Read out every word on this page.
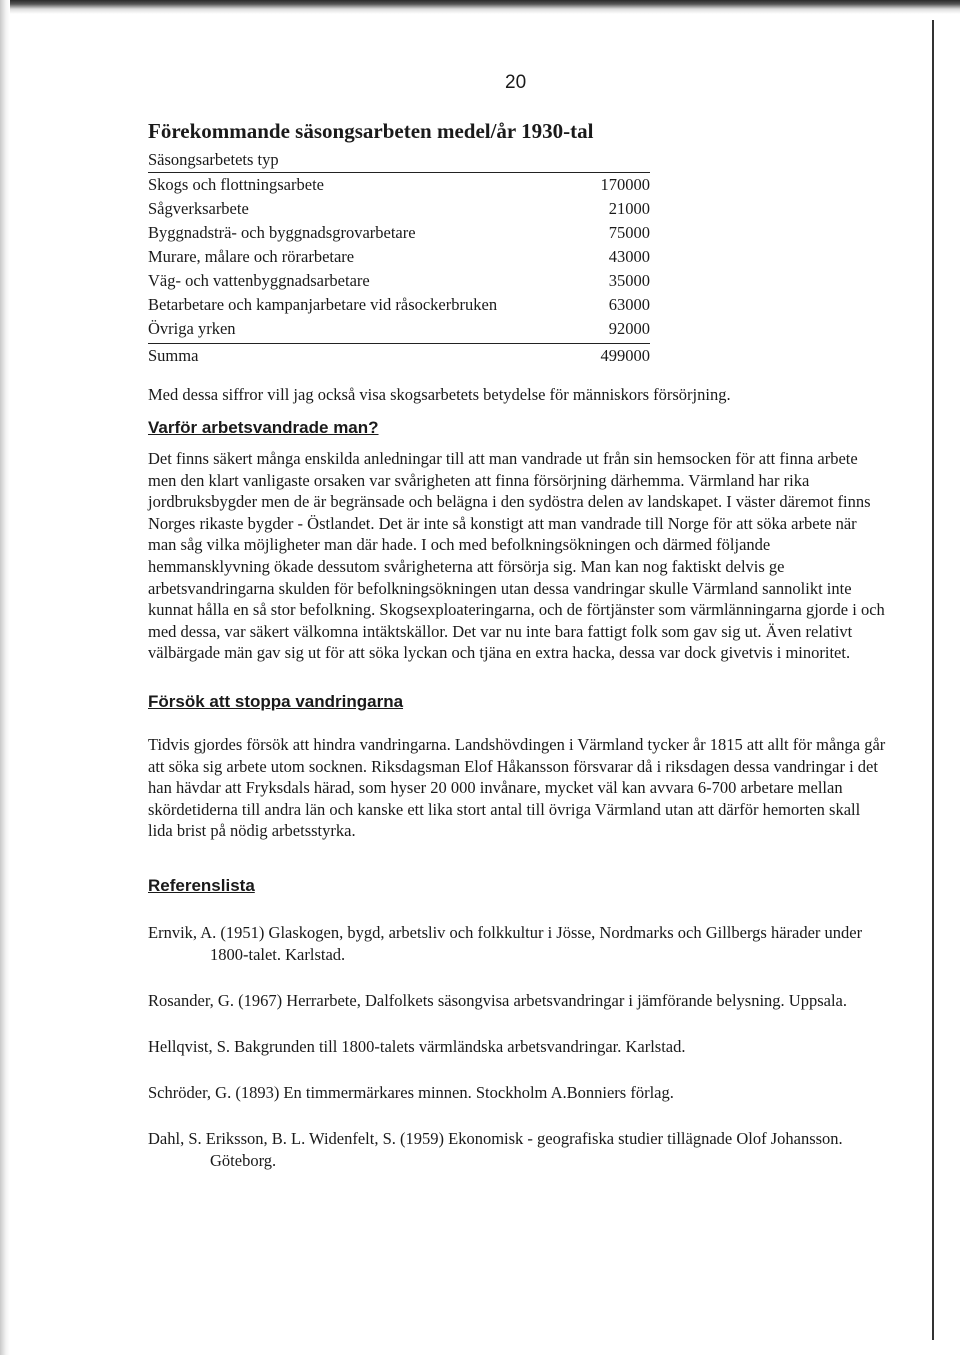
20
Förekommande säsongsarbeten medel/år 1930-tal
Säsongsarbetets typ
Skogs och flottningsarbete	170000
Sågverksarbete	21000
Byggnadsträ- och byggnadsgrovarbetare	75000
Murare, målare och rörarbetare	43000
Väg- och vattenbyggnadsarbetare	35000
Betarbetare och kampanjarbetare vid råsockerbruken	63000
Övriga yrken	92000
Summa	499000

Med dessa siffror vill jag också visa skogsarbetets betydelse för människors försörjning.

Varför arbetsvandrade man?

Det finns säkert många enskilda anledningar till att man vandrade ut från sin hemsocken för att finna arbete men den klart vanligaste orsaken var svårigheten att finna försörjning därhemma. Värmland har rika jordbruksbygder men de är begränsade och belägna i den sydöstra delen av landskapet. I väster däremot finns Norges rikaste bygder - Östlandet. Det är inte så konstigt att man vandrade till Norge för att söka arbete när man såg vilka möjligheter man där hade. I och med befolkningsökningen och därmed följande hemmansklyvning ökade dessutom svårigheterna att försörja sig. Man kan nog faktiskt delvis ge arbetsvandringarna skulden för befolkningsökningen utan dessa vandringar skulle Värmland sannolikt inte kunnat hålla en så stor befolkning. Skogsexploateringarna, och de förtjänster som värmlänningarna gjorde i och med dessa, var säkert välkomna intäktskällor. Det var nu inte bara fattigt folk som gav sig ut. Även relativt välbärgade män gav sig ut för att söka lyckan och tjäna en extra hacka, dessa var dock givetvis i minoritet.

Försök att stoppa vandringarna

Tidvis gjordes försök att hindra vandringarna. Landshövdingen i Värmland tycker år 1815 att allt för många går att söka sig arbete utom socknen. Riksdagsman Elof Håkansson försvarar då i riksdagen dessa vandringar i det han hävdar att Fryksdals härad, som hyser 20 000 invånare, mycket väl kan avvara 6-700 arbetare mellan skördetiderna till andra län och kanske ett lika stort antal till övriga Värmland utan att därför hemorten skall lida brist på nödig arbetsstyrka.

Referenslista

Ernvik, A. (1951) Glaskogen, bygd, arbetsliv och folkkultur i Jösse, Nordmarks och Gillbergs härader under 1800-talet. Karlstad.

Rosander, G. (1967) Herrarbete, Dalfolkets säsongvisa arbetsvandringar i jämförande belysning. Uppsala.

Hellqvist, S. Bakgrunden till 1800-talets värmländska arbetsvandringar. Karlstad.

Schröder, G. (1893) En timmermärkares minnen. Stockholm A.Bonniers förlag.

Dahl, S. Eriksson, B. L. Widenfelt, S. (1959) Ekonomisk - geografiska studier tillägnade Olof Johansson. Göteborg.
